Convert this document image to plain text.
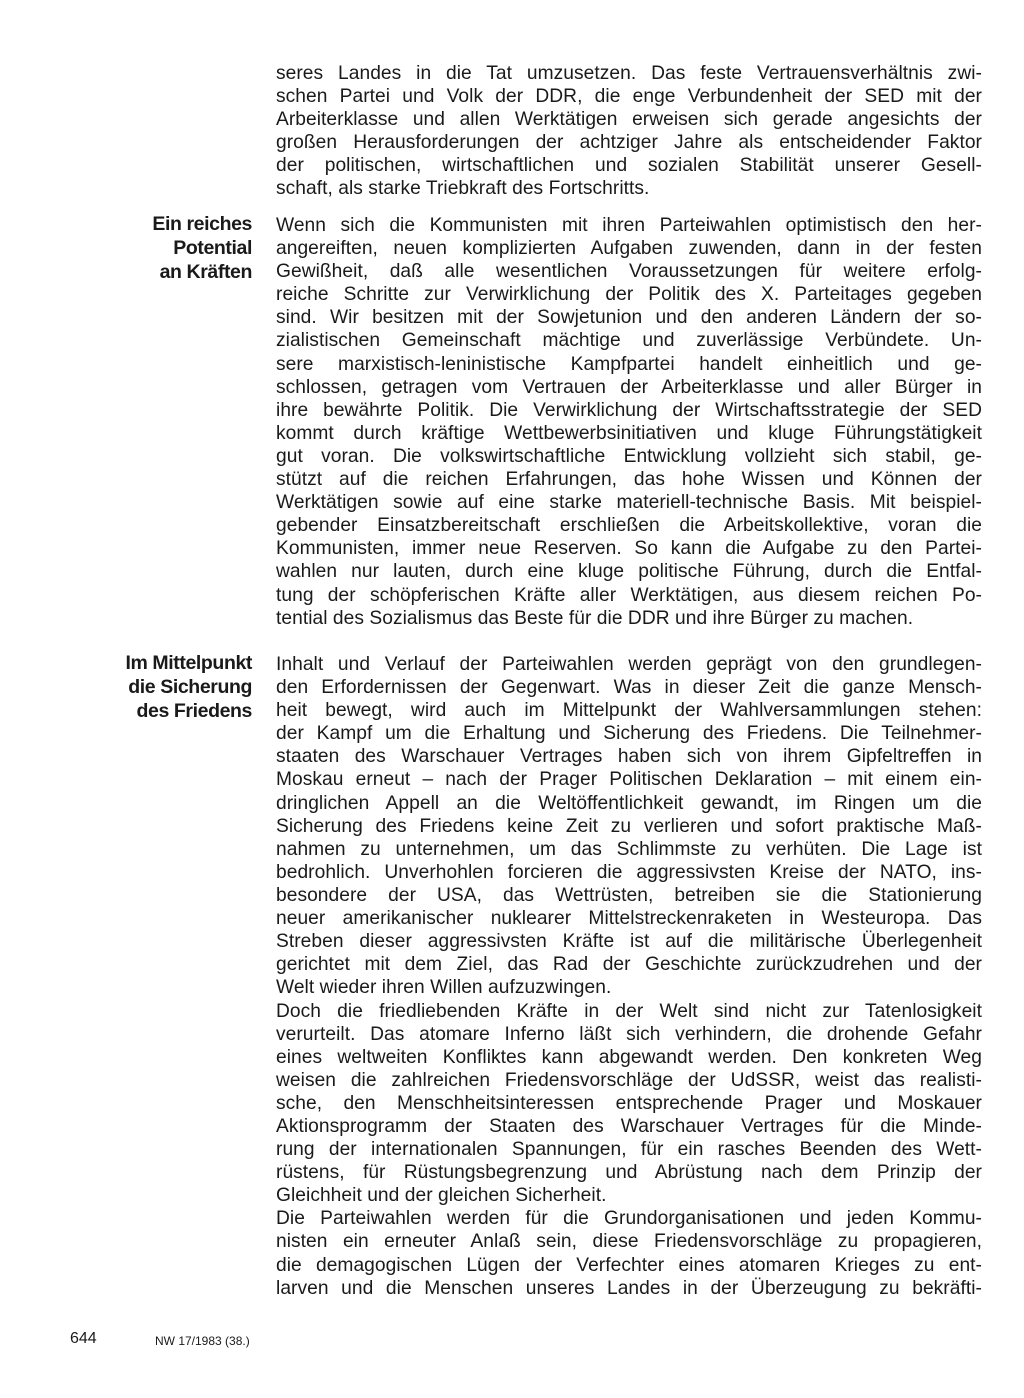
seres Landes in die Tat umzusetzen. Das feste Vertrauensverhältnis zwi-
schen Partei und Volk der DDR, die enge Verbundenheit der SED mit der
Arbeiterklasse und allen Werktätigen erweisen sich gerade angesichts der
großen Herausforderungen der achtziger Jahre als entscheidender Faktor
der politischen, wirtschaftlichen und sozialen Stabilität unserer Gesell-
schaft, als starke Triebkraft des Fortschritts.
Ein reiches
Potential
an Kräften
Wenn sich die Kommunisten mit ihren Parteiwahlen optimistisch den her-
angereiften, neuen komplizierten Aufgaben zuwenden, dann in der festen
Gewißheit, daß alle wesentlichen Voraussetzungen für weitere erfolg-
reiche Schritte zur Verwirklichung der Politik des X. Parteitages gegeben
sind. Wir besitzen mit der Sowjetunion und den anderen Ländern der so-
zialistischen Gemeinschaft mächtige und zuverlässige Verbündete. Un-
sere marxistisch-leninistische Kampfpartei handelt einheitlich und ge-
schlossen, getragen vom Vertrauen der Arbeiterklasse und aller Bürger in
ihre bewährte Politik. Die Verwirklichung der Wirtschaftsstrategie der SED
kommt durch kräftige Wettbewerbsinitiativen und kluge Führungstätigkeit
gut voran. Die volkswirtschaftliche Entwicklung vollzieht sich stabil, ge-
stützt auf die reichen Erfahrungen, das hohe Wissen und Können der
Werktätigen sowie auf eine starke materiell-technische Basis. Mit beispiel-
gebender Einsatzbereitschaft erschließen die Arbeitskollektive, voran die
Kommunisten, immer neue Reserven. So kann die Aufgabe zu den Partei-
wahlen nur lauten, durch eine kluge politische Führung, durch die Entfal-
tung der schöpferischen Kräfte aller Werktätigen, aus diesem reichen Po-
tential des Sozialismus das Beste für die DDR und ihre Bürger zu machen.
Im Mittelpunkt
die Sicherung
des Friedens
Inhalt und Verlauf der Parteiwahlen werden geprägt von den grundlegen-
den Erfordernissen der Gegenwart. Was in dieser Zeit die ganze Mensch-
heit bewegt, wird auch im Mittelpunkt der Wahlversammlungen stehen:
der Kampf um die Erhaltung und Sicherung des Friedens. Die Teilnehmer-
staaten des Warschauer Vertrages haben sich von ihrem Gipfeltreffen in
Moskau erneut – nach der Prager Politischen Deklaration – mit einem ein-
dringlichen Appell an die Weltöffentlichkeit gewandt, im Ringen um die
Sicherung des Friedens keine Zeit zu verlieren und sofort praktische Maß-
nahmen zu unternehmen, um das Schlimmste zu verhüten. Die Lage ist
bedrohlich. Unverhohlen forcieren die aggressivsten Kreise der NATO, ins-
besondere der USA, das Wettrüsten, betreiben sie die Stationierung
neuer amerikanischer nuklearer Mittelstreckenraketen in Westeuropa. Das
Streben dieser aggressivsten Kräfte ist auf die militärische Überlegenheit
gerichtet mit dem Ziel, das Rad der Geschichte zurückzudrehen und der
Welt wieder ihren Willen aufzuzwingen.
Doch die friedliebenden Kräfte in der Welt sind nicht zur Tatenlosigkeit
verurteilt. Das atomare Inferno läßt sich verhindern, die drohende Gefahr
eines weltweiten Konfliktes kann abgewandt werden. Den konkreten Weg
weisen die zahlreichen Friedensvorschläge der UdSSR, weist das realisti-
sche, den Menschheitsinteressen entsprechende Prager und Moskauer
Aktionsprogramm der Staaten des Warschauer Vertrages für die Minde-
rung der internationalen Spannungen, für ein rasches Beenden des Wett-
rüstens, für Rüstungsbegrenzung und Abrüstung nach dem Prinzip der
Gleichheit und der gleichen Sicherheit.
Die Parteiwahlen werden für die Grundorganisationen und jeden Kommu-
nisten ein erneuter Anlaß sein, diese Friedensvorschläge zu propagieren,
die demagogischen Lügen der Verfechter eines atomaren Krieges zu ent-
larven und die Menschen unseres Landes in der Überzeugung zu bekräfti-
644	NW 17/1983 (38.)
